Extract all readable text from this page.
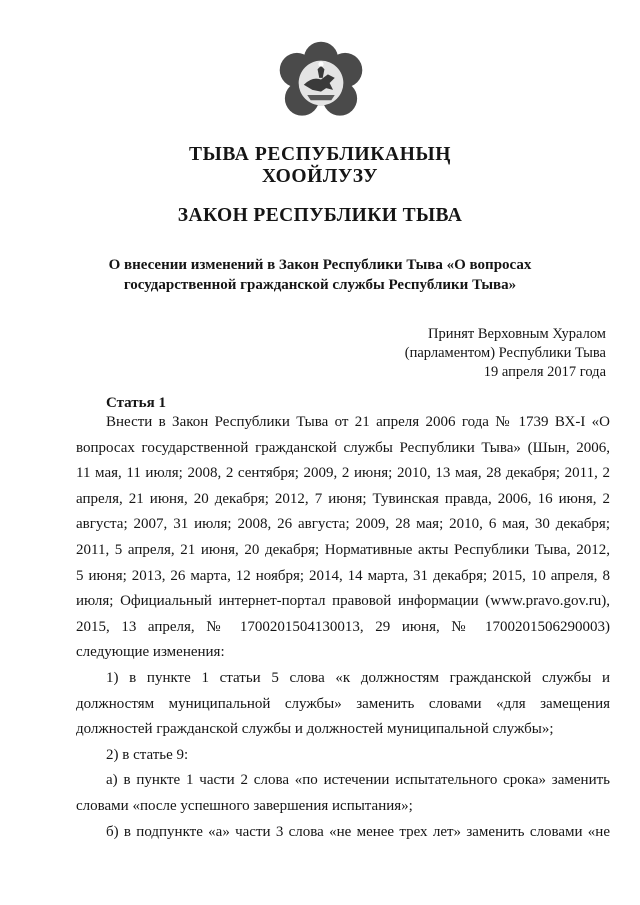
ТЫВА РЕСПУБЛИКАНЫҢ
ХООЙЛУЗУ
ЗАКОН РЕСПУБЛИКИ ТЫВА
О внесении изменений в Закон Республики Тыва «О вопросах
государственной гражданской службы Республики Тыва»
Принят Верховным Хуралом
(парламентом) Республики Тыва
19 апреля 2017 года
Статья 1
Внести в Закон Республики Тыва от 21 апреля 2006 года № 1739 ВХ-I «О
вопросах государственной гражданской службы Республики Тыва» (Шын, 2006,
11 мая, 11 июля; 2008, 2 сентября; 2009, 2 июня; 2010, 13 мая, 28 декабря; 2011, 2
апреля, 21 июня, 20 декабря; 2012, 7 июня; Тувинская правда, 2006, 16 июня, 2
августа; 2007, 31 июля; 2008, 26 августа; 2009, 28 мая; 2010, 6 мая, 30 декабря;
2011, 5 апреля, 21 июня, 20 декабря; Нормативные акты Республики Тыва, 2012,
5 июня; 2013, 26 марта, 12 ноября; 2014, 14 марта, 31 декабря; 2015, 10 апреля, 8
июля; Официальный интернет-портал правовой информации (www.pravo.gov.ru),
2015, 13 апреля, № 1700201504130013, 29 июня, № 1700201506290003)
следующие изменения:
1) в пункте 1 статьи 5 слова «к должностям гражданской службы и
должностям муниципальной службы» заменить словами «для замещения
должностей гражданской службы и должностей муниципальной службы»;
2) в статье 9:
а) в пункте 1 части 2 слова «по истечении испытательного срока» заменить
словами «после успешного завершения испытания»;
б) в подпункте «а» части 3 слова «не менее трех лет» заменить словами «не
